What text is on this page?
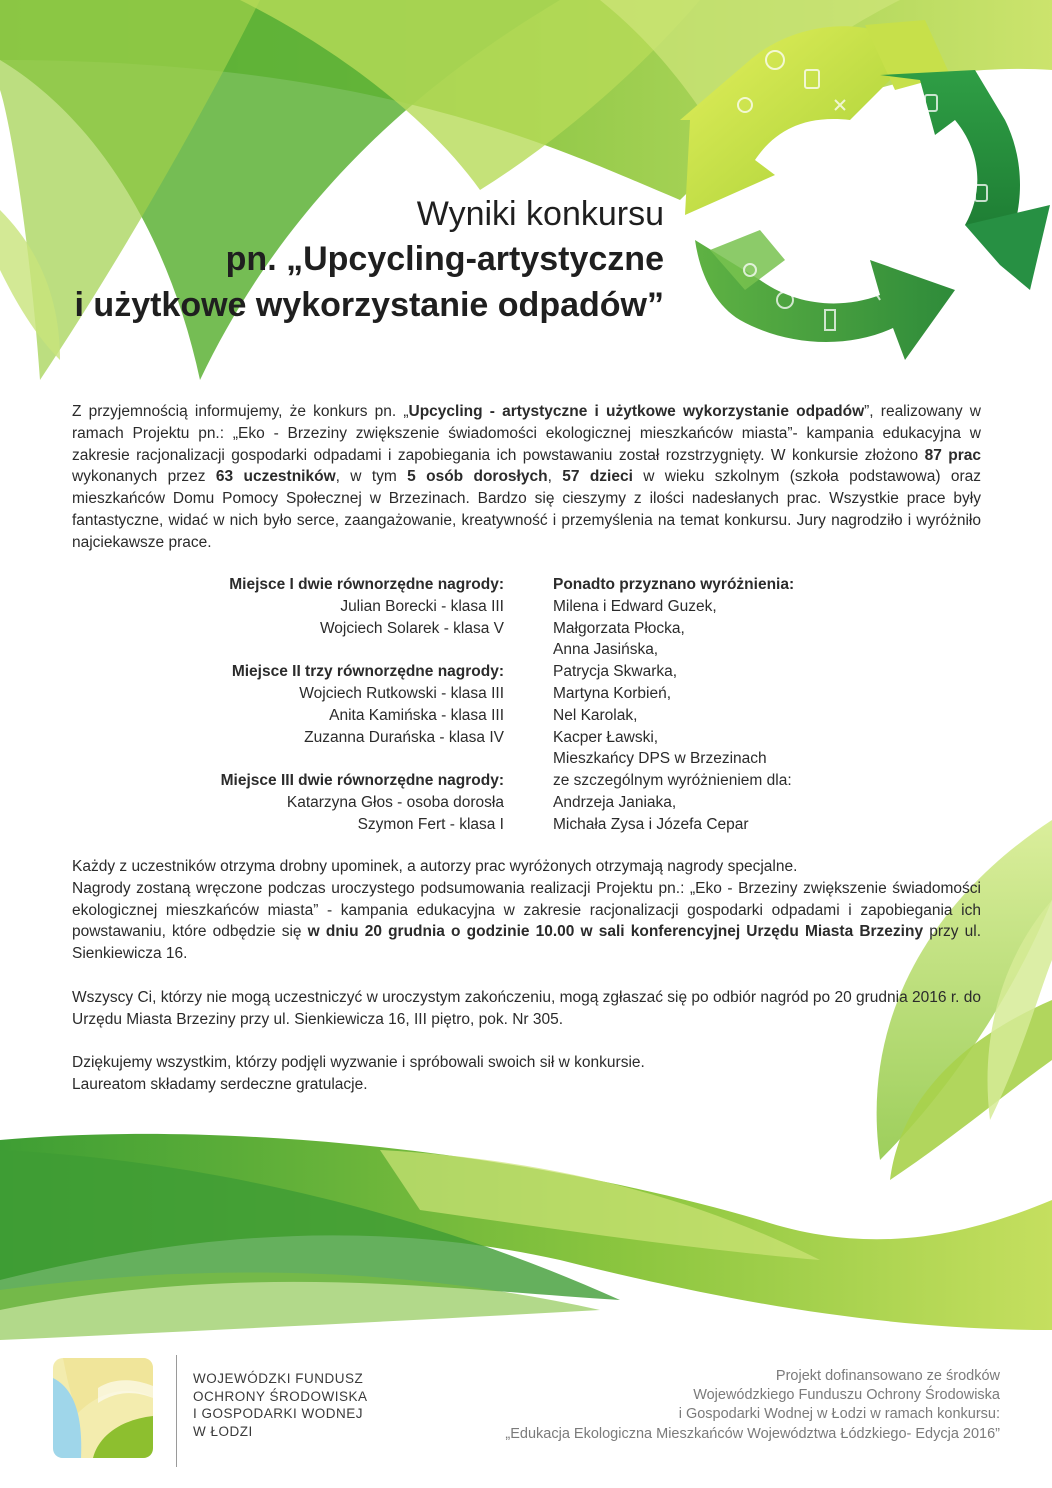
Wyniki konkursu
pn. „Upcycling-artystyczne
i użytkowe wykorzystanie odpadów”
Z przyjemnością informujemy, że konkurs pn. „Upcycling - artystyczne i użytkowe wykorzystanie odpadów”, realizowany w ramach Projektu pn.: „Eko - Brzeziny zwiększenie świadomości ekologicznej mieszkańców miasta”- kampania edukacyjna w zakresie racjonalizacji gospodarki odpadami i zapobiegania ich powstawaniu został rozstrzygnięty. W konkursie złożono 87 prac wykonanych przez 63 uczestników, w tym 5 osób dorosłych, 57 dzieci w wieku szkolnym (szkoła podstawowa) oraz mieszkańców Domu Pomocy Społecznej w Brzezinach. Bardzo się cieszymy z ilości nadesłanych prac. Wszystkie prace były fantastyczne, widać w nich było serce, zaangażowanie, kreatywność i przemyślenia na temat konkursu. Jury nagrodziło i wyróżniło najciekawsze prace.
Miejsce I dwie równorzędne nagrody:
Julian Borecki - klasa III
Wojciech Solarek - klasa V
Miejsce II trzy równorzędne nagrody:
Wojciech Rutkowski - klasa III
Anita Kamińska - klasa III
Zuzanna Durańska - klasa IV
Miejsce III dwie równorzędne nagrody:
Katarzyna Głos - osoba dorosła
Szymon Fert - klasa I
Ponadto przyznano wyróżnienia:
Milena i Edward Guzek,
Małgorzata Płocka,
Anna Jasińska,
Patrycja Skwarka,
Martyna Korbień,
Nel Karolak,
Kacper Ławski,
Mieszkańcy DPS w Brzezinach
ze szczególnym wyróżnieniem dla:
Andrzeja Janiaka,
Michała Zysa i Józefa Cepar

Każdy z uczestników otrzyma drobny upominek, a autorzy prac wyróżonych otrzymają nagrody specjalne.

Nagrody zostaną wręczone podczas uroczystego podsumowania realizacji Projektu pn.: „Eko - Brzeziny zwiększenie świadomości ekologicznej mieszkańców miasta” - kampania edukacyjna w zakresie racjonalizacji gospodarki odpadami i zapobiegania ich powstawaniu, które odbędzie się w dniu 20 grudnia o godzinie 10.00 w sali konferencyjnej Urzędu Miasta Brzeziny przy ul. Sienkiewicza 16.

Wszyscy Ci, którzy nie mogą uczestniczyć w uroczystym zakończeniu, mogą zgłaszać się po odbiór nagród po 20 grudnia 2016 r. do Urzędu Miasta Brzeziny przy ul. Sienkiewicza 16, III piętro, pok. Nr 305.

Dziękujemy wszystkim, którzy podjęli wyzwanie i spróbowali swoich sił w konkursie.

Laureatom składamy serdeczne gratulacje.

WOJEWÓDZKI FUNDUSZ
OCHRONY ŚRODOWISKA
I GOSPODARKI WODNEJ
W ŁODZI
Projekt dofinansowano ze środków
Wojewódzkiego Funduszu Ochrony Środowiska
i Gospodarki Wodnej w Łodzi w ramach konkursu:
„Edukacja Ekologiczna Mieszkańców Województwa Łódzkiego- Edycja 2016”
